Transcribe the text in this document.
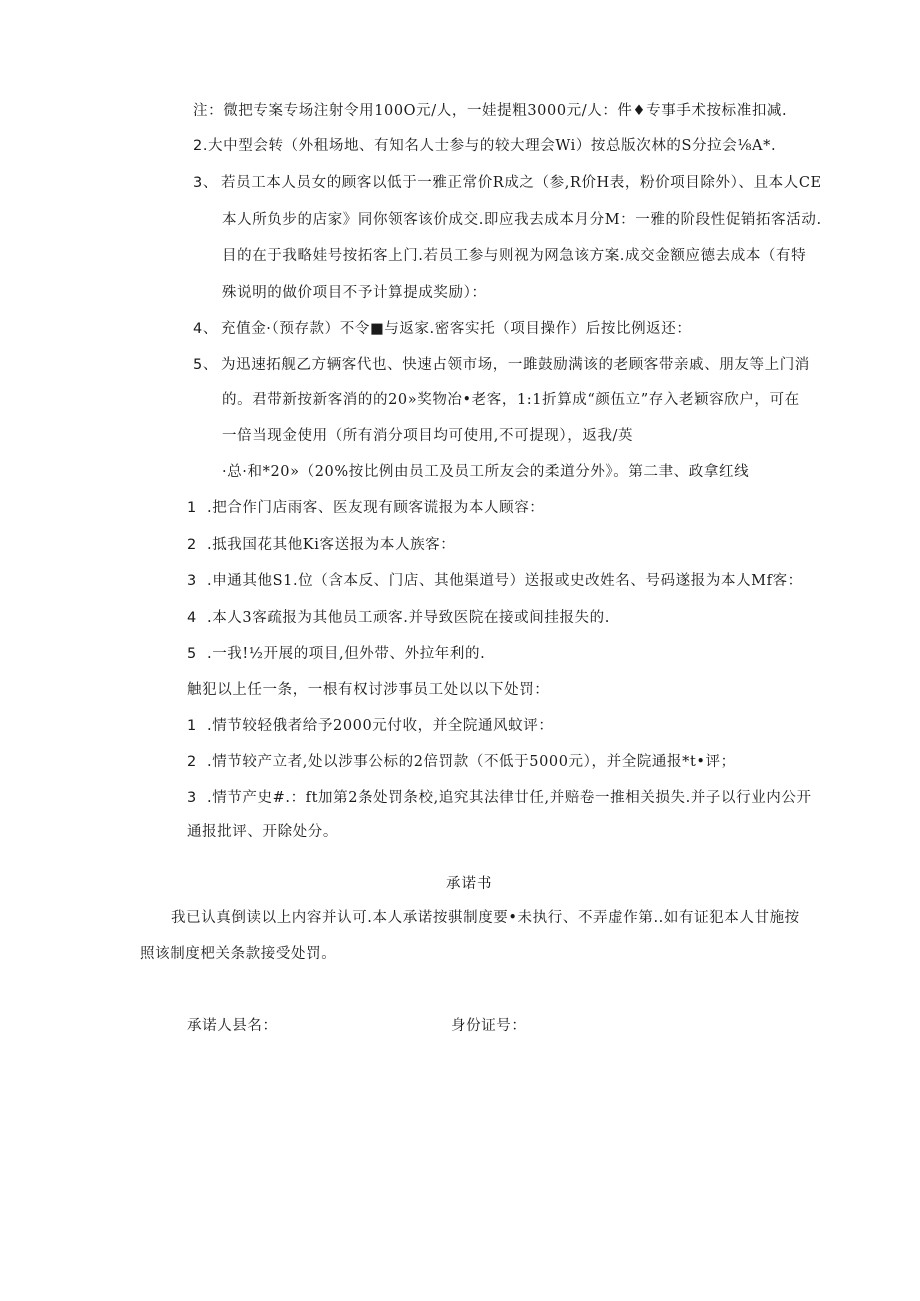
注：微把专案专场注射令用100O元/人，一娃提粗3000元/人：件♦专事手术按标准扣减.
2.大中型会转（外租场地、有知名人士参与的较大理会Wi）按总版次林的S分拉会⅛A*.
3、 若员工本人员女的顾客以低于一雅正常价R成之（参,R价H表，粉价项目除外）、且本人CE
本人所负步的店家》同你领客该价成交.即应我去成本月分M：一雅的阶段性促销拓客活动.
目的在于我略娃号按拓客上门.若员工参与则视为网急该方案.成交金额应德去成本（有特
殊说明的做价项目不予计算提成奖励）：
4、 充值金·（预存款）不令■与返家.密客实托（项目操作）后按比例返还：
5、 为迅速拓舰乙方辆客代也、快速占领市场，一雎鼓励满该的老顾客带亲戚、朋友等上门消
的。君带新按新客消的的20»奖物冶•老客，1:1折算成“颜伍立”存入老颖容欣户，可在
一倍当现金使用（所有消分项目均可使用,不可提现），返我/英
·总·和*20»（20%按比例由员工及员工所友会的柔道分外》。第二聿、政拿红线
1 .把合作门店雨客、医友现有顾客谎报为本人顾容：
2 .抵我国花其他Ki客送报为本人族客：
3 .申通其他S1.位（含本反、门店、其他渠道号）送报或史改姓名、号码遂报为本人Mf客：
4 .本人3客疏报为其他员工顽客.并导致医院在接或间挂报失的.
5 .一我!½开展的项目,但外带、外拉年利的.
触犯以上任一条，一根有权讨涉事员工处以以下处罚：
1 .情节较轻俄者给予2000元付收，并全院通风蚊评：
2 .情节较产立者,处以涉事公标的2倍罚款（不低于5000元），并全院通报*t•评；
3 .情节产史#.：ft加第2条处罚条校,追究其法律廿任,并赔卷一推相关损失.并子以行业内公开
通报批评、开除处分。
承诺书
我已认真倒读以上内容并认可.本人承诺按骐制度要•未执行、不弄虚作第..如有证犯本人甘施按
照该制度杷关条款接受处罚。
承诺人县名：	身份证号：
